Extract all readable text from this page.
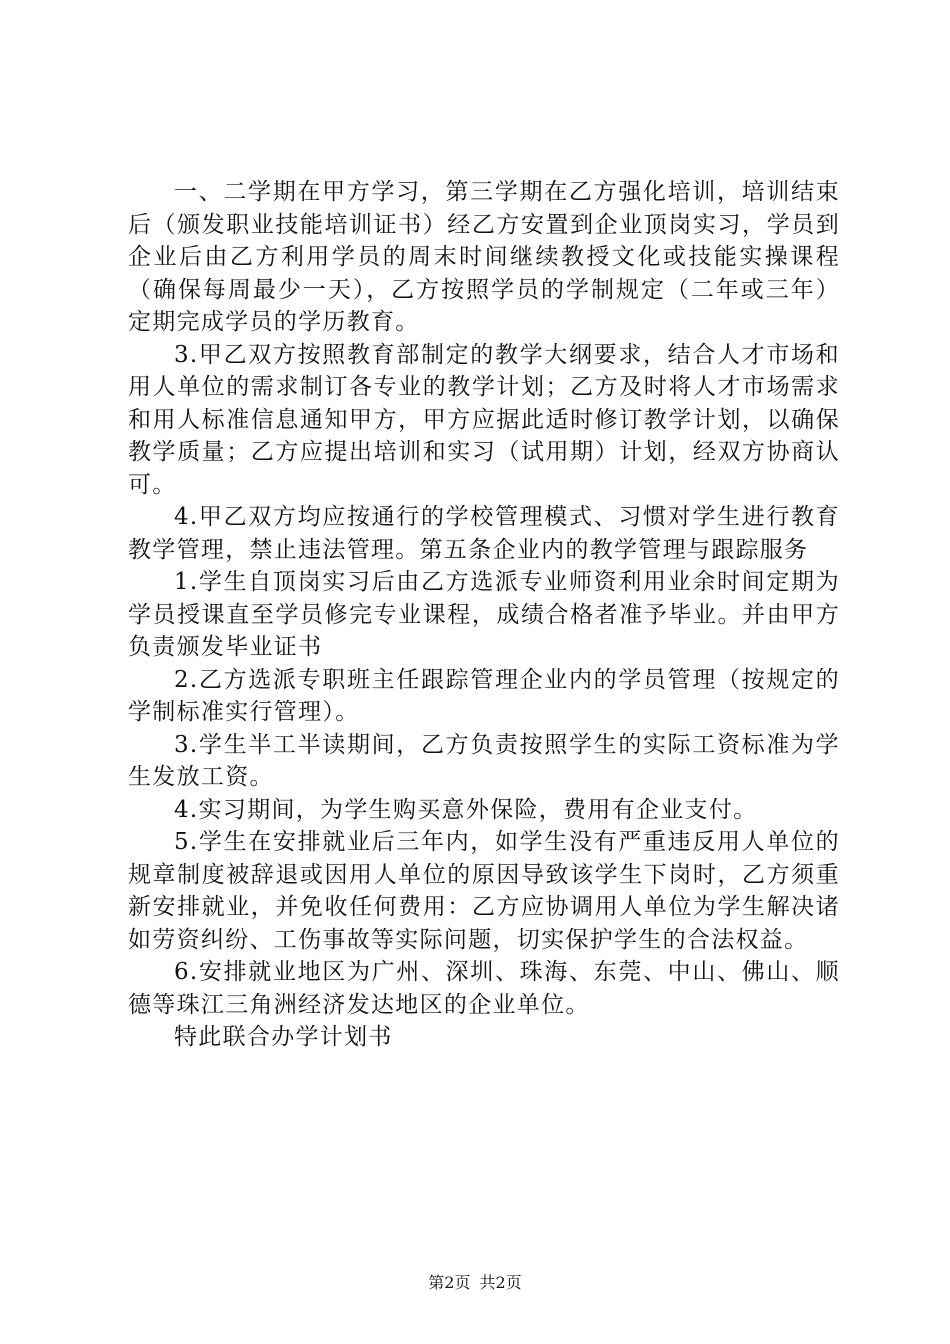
一、二学期在甲方学习，第三学期在乙方强化培训，培训结束后（颁发职业技能培训证书）经乙方安置到企业顶岗实习，学员到企业后由乙方利用学员的周末时间继续教授文化或技能实操课程（确保每周最少一天），乙方按照学员的学制规定（二年或三年）定期完成学员的学历教育。

3.甲乙双方按照教育部制定的教学大纲要求，结合人才市场和用人单位的需求制订各专业的教学计划；乙方及时将人才市场需求和用人标准信息通知甲方，甲方应据此适时修订教学计划，以确保教学质量；乙方应提出培训和实习（试用期）计划，经双方协商认可。

4.甲乙双方均应按通行的学校管理模式、习惯对学生进行教育教学管理，禁止违法管理。第五条企业内的教学管理与跟踪服务

1.学生自顶岗实习后由乙方选派专业师资利用业余时间定期为学员授课直至学员修完专业课程，成绩合格者准予毕业。并由甲方负责颁发毕业证书

2.乙方选派专职班主任跟踪管理企业内的学员管理（按规定的学制标准实行管理）。

3.学生半工半读期间，乙方负责按照学生的实际工资标准为学生发放工资。

4.实习期间，为学生购买意外保险，费用有企业支付。

5.学生在安排就业后三年内，如学生没有严重违反用人单位的规章制度被辞退或因用人单位的原因导致该学生下岗时，乙方须重新安排就业，并免收任何费用：乙方应协调用人单位为学生解决诸如劳资纠纷、工伤事故等实际问题，切实保护学生的合法权益。

6.安排就业地区为广州、深圳、珠海、东莞、中山、佛山、顺德等珠江三角洲经济发达地区的企业单位。

特此联合办学计划书

第2页 共2页
